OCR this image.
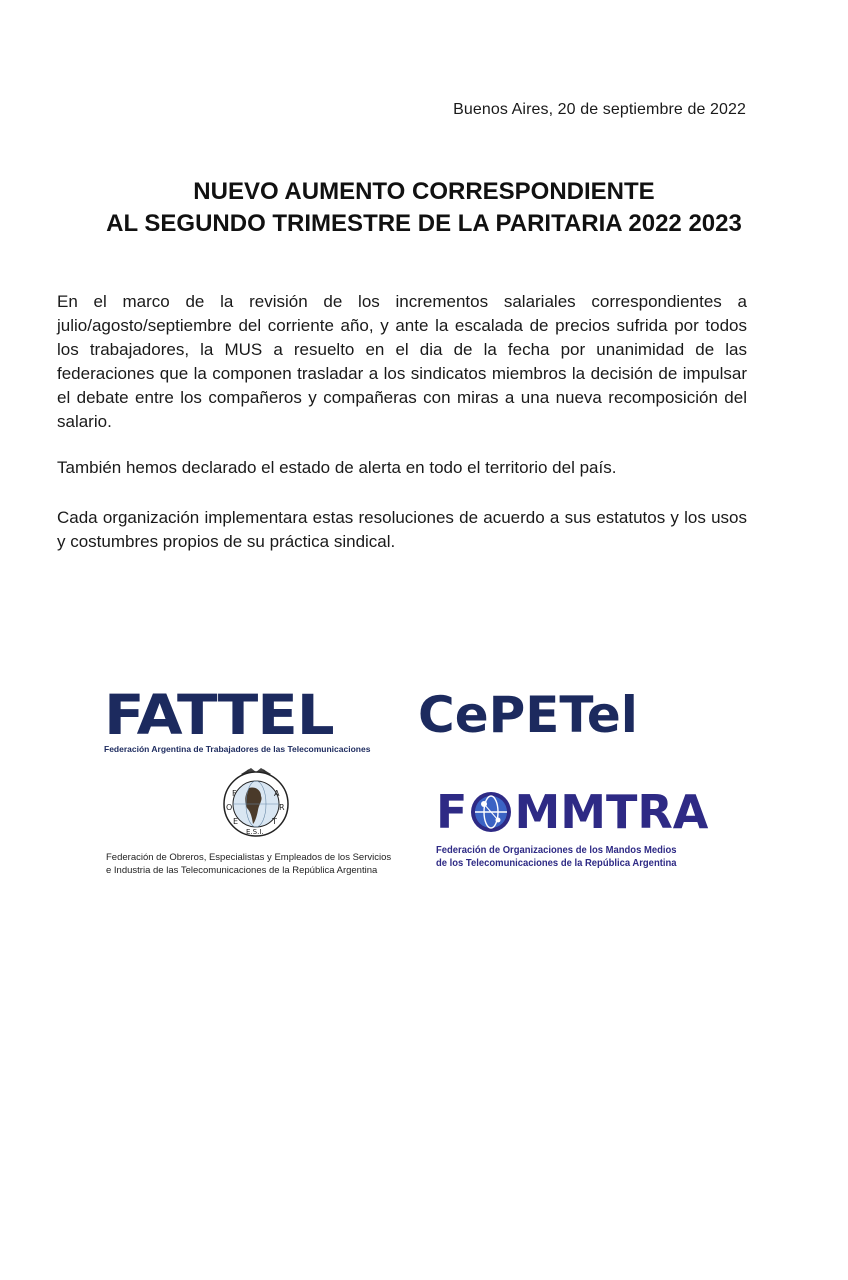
Buenos Aires, 20 de septiembre de 2022
NUEVO AUMENTO CORRESPONDIENTE
AL SEGUNDO TRIMESTRE DE LA PARITARIA 2022 2023

En el marco de la revisión de los incrementos salariales correspondientes a julio/agosto/septiembre del corriente año, y ante la escalada de precios sufrida por todos los trabajadores, la MUS a resuelto en el dia de la fecha por unanimidad de las federaciones que la componen trasladar a los sindicatos miembros la decisión de impulsar el debate entre los compañeros y compañeras con miras a una nueva recomposición del salario.

También hemos declarado el estado de alerta en todo el territorio del país.

Cada organización implementara estas resoluciones de acuerdo a sus estatutos y los usos y costumbres propios de su práctica sindical.

FATTEL
Federación Argentina de Trabajadores de las Telecomunicaciones
CePETel
F	A
O	R
E	T
E.S.I.
Federación de Obreros, Especialistas y Empleados de los Servicios
e Industria de las Telecomunicaciones de la República Argentina
F MMTRA
Federación de Organizaciones de los Mandos Medios
de los Telecomunicaciones de la República Argentina
